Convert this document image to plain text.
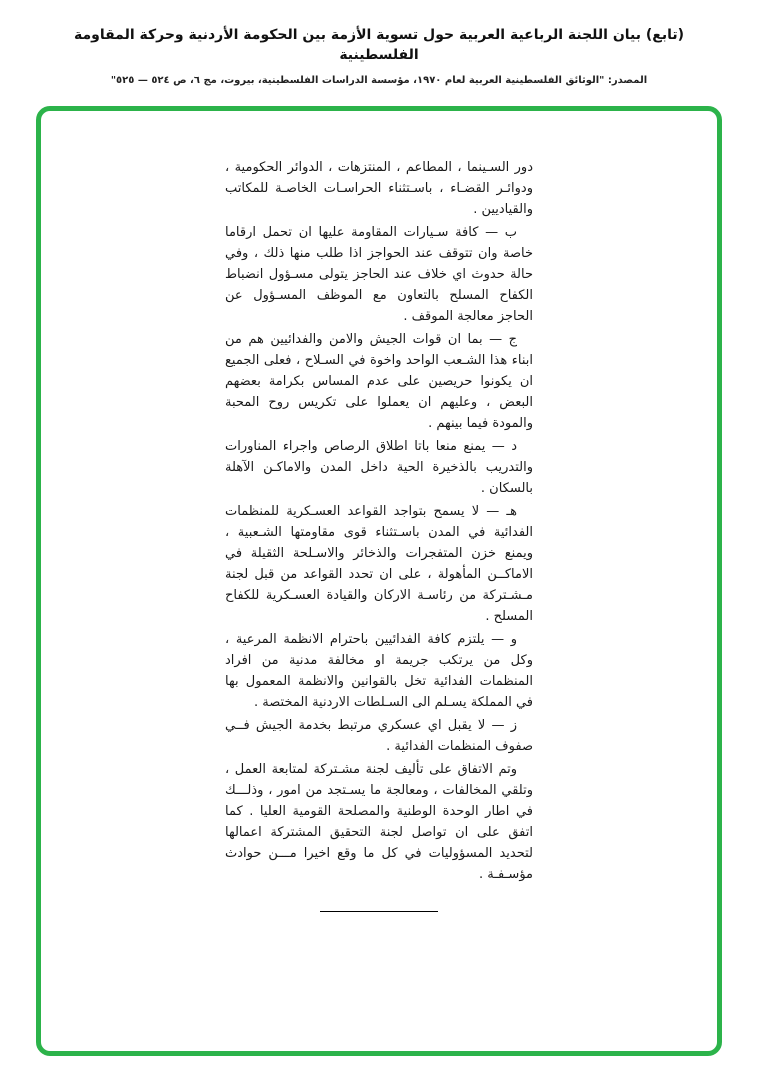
(تابع) بيان اللجنة الرباعية العربية حول تسوية الأزمة بين الحكومة الأردنية وحركة المقاومة الفلسطينية
المصدر: "الوثائق الفلسطينية العربية لعام ١٩٧٠، مؤسسة الدراسات الفلسطينية، بيروت، مج ٦، ص ٥٢٤ — ٥٢٥"

دور السـينما ، المطاعم ، المنتزهات ، الدوائر الحكومية ، ودوائـر القضـاء ، باسـتثناء الحراسـات الخاصـة للمكاتب والقياديين .

ب — كافة سـيارات المقاومة عليها ان تحمل ارقاما خاصة وان تتوقف عند الحواجز اذا طلب منها ذلك ، وفي حالة حدوث اي خلاف عند الحاجز يتولى مسـؤول انضباط الكفاح المسلح بالتعاون مع الموظف المسـؤول عن الحاجز معالجة الموقف .

ج — بما ان قوات الجيش والامن والفدائيين هم من ابناء هذا الشـعب الواحد واخوة في السـلاح ، فعلى الجميع ان يكونوا حريصين على عدم المساس بكرامة بعضهم البعض ، وعليهم ان يعملوا على تكريس روح المحبة والمودة فيما بينهم .

د — يمنع منعا باتا اطلاق الرصاص واجراء المناورات والتدريب بالذخيرة الحية داخل المدن والاماكـن الآهلة بالسكان .

هـ — لا يسمح بتواجد القواعد العسـكرية للمنظمات الفدائية في المدن باسـتثناء قوى مقاومتها الشـعبية ، ويمنع خزن المتفجرات والذخائر والاسـلحة الثقيلة في الاماكــن المأهولة ، على ان تحدد القواعد من قبل لجنة مـشـتركة من رئاسـة الاركان والقيادة العسـكرية للكفاح المسلح .

و — يلتزم كافة الفدائيين باحترام الانظمة المرعية ، وكل من يرتكب جريمة او مخالفة مدنية من افراد المنظمات الفدائية تخل بالقوانين والانظمة المعمول بها في المملكة يسـلم الى السـلطات الاردنية المختصة .

ز — لا يقبل اي عسكري مرتبط بخدمة الجيش فــي صفوف المنظمات الفدائية .

وتم الاتفاق على تأليف لجنة مشـتركة لمتابعة العمل ، وتلقي المخالفات ، ومعالجة ما يسـتجد من امور ، وذلـــك في اطار الوحدة الوطنية والمصلحة القومية العليا . كما اتفق على ان تواصل لجنة التحقيق المشتركة اعمالها لتحديد المسؤوليات في كل ما وقع اخيرا مـــن حوادث مؤسـفـة .
